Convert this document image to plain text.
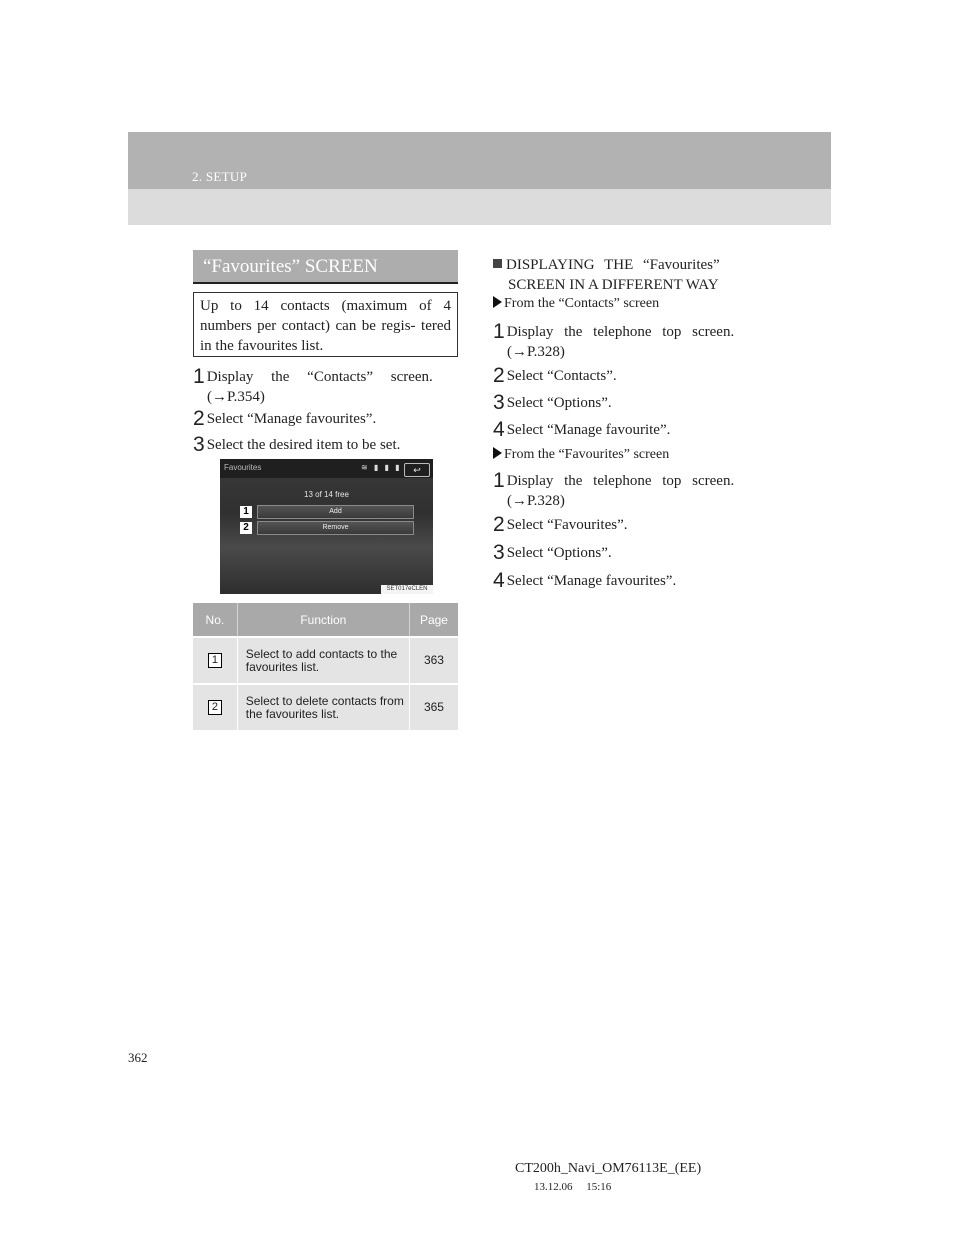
2. SETUP
“Favourites” SCREEN
Up to 14 contacts (maximum of 4 numbers per contact) can be regis- tered in the favourites list.
1 Display the “Contacts” screen.
(→P.354)
2 Select “Manage favourites”.
3 Select the desired item to be set.
Favourites	≋ ▮ ▮ ▮	↩
13 of 14 free
1	Add
2	Remove
SET017eCLEN
No.	Function	Page
1	Select to add contacts to the favourites list.	363
2	Select to delete contacts from the favourites list.	365
DISPLAYING THE “Favourites”
SCREEN IN A DIFFERENT WAY
From the “Contacts” screen
1 Display the telephone top screen.
(→P.328)
2 Select “Contacts”.
3 Select “Options”.
4 Select “Manage favourite”.
From the “Favourites” screen
1 Display the telephone top screen.
(→P.328)
2 Select “Favourites”.
3 Select “Options”.
4 Select “Manage favourites”.
362
CT200h_Navi_OM76113E_(EE)
13.12.06     15:16
